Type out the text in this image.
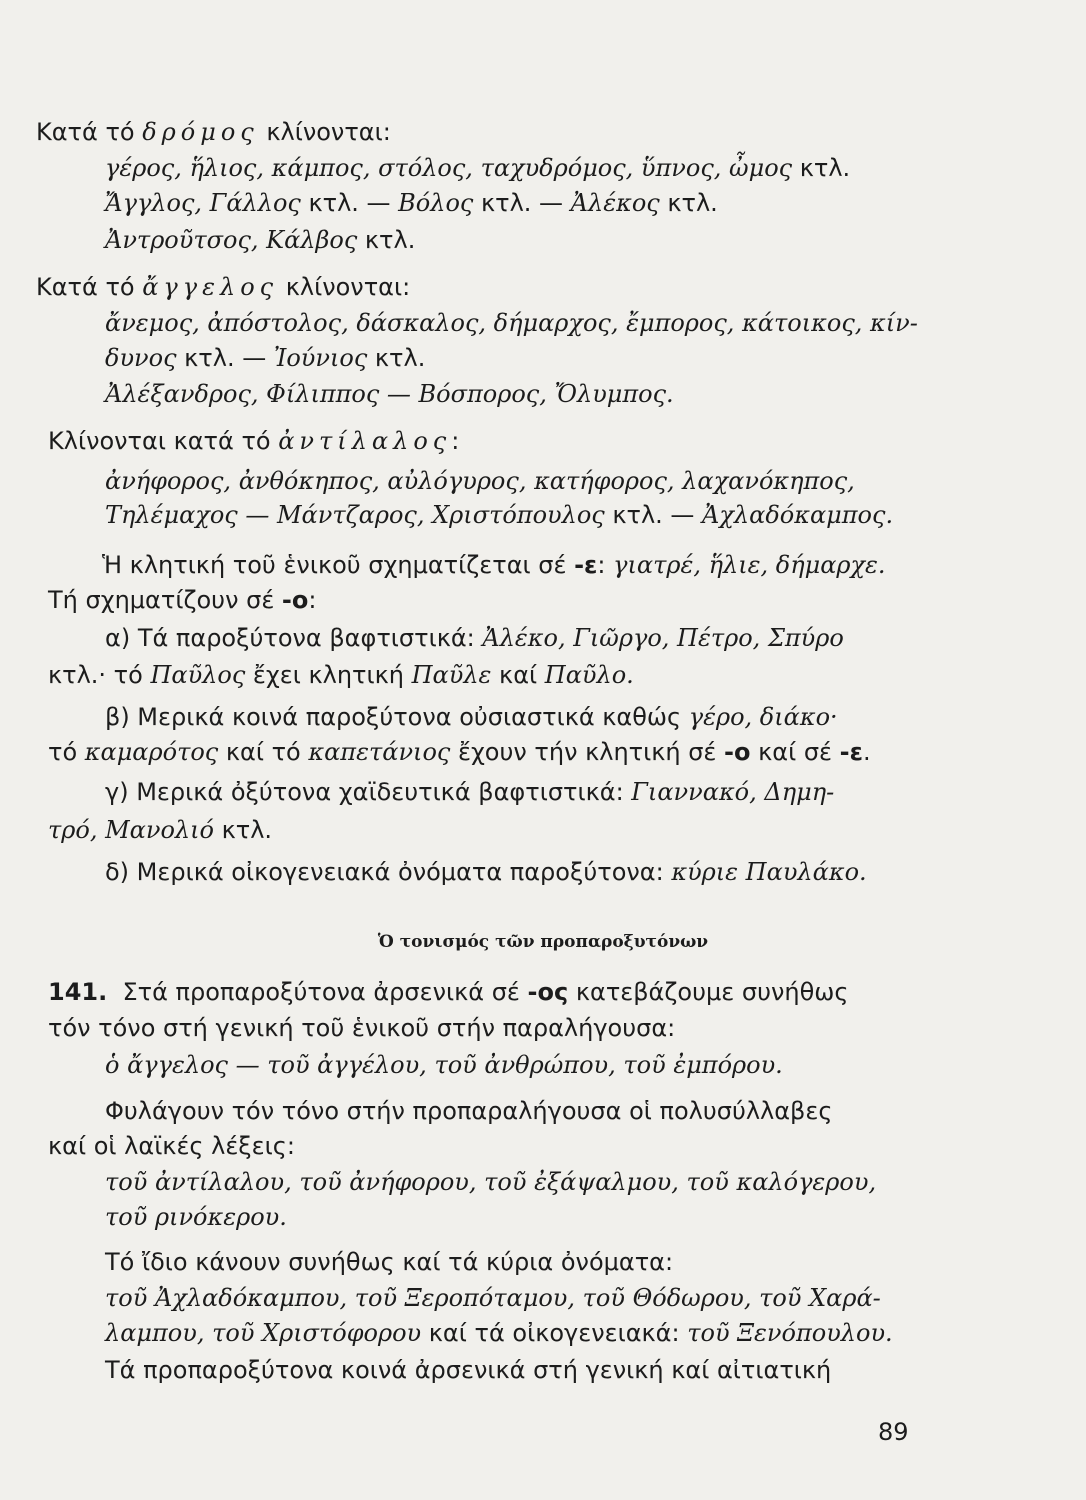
Κατά τό δρόμος κλίνονται:
γέρος, ἥλιος, κάμπος, στόλος, ταχυδρόμος, ὕπνος, ὦμος κτλ.
Ἄγγλος, Γάλλος κτλ. — Βόλος κτλ. — Ἀλέκος κτλ.
Ἀντροῦτσος, Κάλβος κτλ.
Κατά τό ἄγγελος κλίνονται:
ἄνεμος, ἀπόστολος, δάσκαλος, δήμαρχος, ἔμπορος, κάτοικος, κίν-
δυνος κτλ. — Ἰούνιος κτλ.
Ἀλέξανδρος, Φίλιππος — Βόσπορος, Ὄλυμπος.
Κλίνονται κατά τό ἀντίλαλος:
ἀνήφορος, ἀνθόκηπος, αὐλόγυρος, κατήφορος, λαχανόκηπος,
Τηλέμαχος — Μάντζαρος, Χριστόπουλος κτλ. — Ἀχλαδόκαμπος.
Ἡ κλητική τοῦ ἑνικοῦ σχηματίζεται σέ -ε: γιατρέ, ἥλιε, δήμαρχε.
Τή σχηματίζουν σέ -ο:
α) Τά παροξύτονα βαφτιστικά: Ἀλέκο, Γιῶργο, Πέτρο, Σπύρο
κτλ.· τό Παῦλος ἔχει κλητική Παῦλε καί Παῦλο.
β) Μερικά κοινά παροξύτονα οὐσιαστικά καθώς γέρο, διάκο·
τό καμαρότος καί τό καπετάνιος ἔχουν τήν κλητική σέ -ο καί σέ -ε.
γ) Μερικά ὀξύτονα χαϊδευτικά βαφτιστικά: Γιαννακό, Δημη-
τρό, Μανολιό κτλ.
δ) Μερικά οἰκογενειακά ὀνόματα παροξύτονα: κύριε Παυλάκο.
Ὁ τονισμός τῶν προπαροξυτόνων
141.  Στά προπαροξύτονα ἀρσενικά σέ -ος κατεβάζουμε συνήθως
τόν τόνο στή γενική τοῦ ἑνικοῦ στήν παραλήγουσα:
ὁ ἄγγελος — τοῦ ἀγγέλου, τοῦ ἀνθρώπου, τοῦ ἐμπόρου.
Φυλάγουν τόν τόνο στήν προπαραλήγουσα οἱ πολυσύλλαβες
καί οἱ λαϊκές λέξεις:
τοῦ ἀντίλαλου, τοῦ ἀνήφορου, τοῦ ἐξάψαλμου, τοῦ καλόγερου,
τοῦ ρινόκερου.
Τό ἴδιο κάνουν συνήθως καί τά κύρια ὀνόματα:
τοῦ Ἀχλαδόκαμπου, τοῦ Ξεροπόταμου, τοῦ Θόδωρου, τοῦ Χαρά-
λαμπου, τοῦ Χριστόφορου καί τά οἰκογενειακά: τοῦ Ξενόπουλου.
Τά προπαροξύτονα κοινά ἀρσενικά στή γενική καί αἰτιατική
89
